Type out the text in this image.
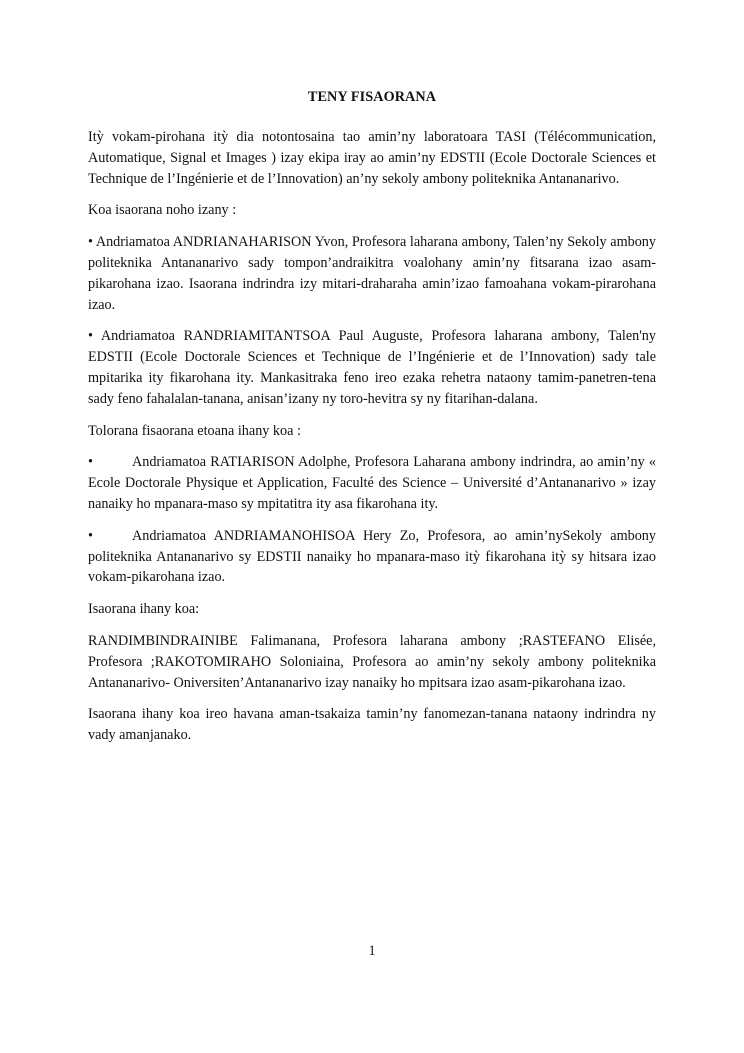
TENY FISAORANA

Itỳ vokam-pirohana itỳ dia notontosaina tao amin’ny laboratoara TASI (Télécommunication, Automatique, Signal et Images ) izay ekipa iray ao amin’ny EDSTII (Ecole Doctorale Sciences et Technique de l’Ingénierie et de l’Innovation) an’ny sekoly ambony politeknika Antananarivo.

Koa isaorana noho izany :

• Andriamatoa ANDRIANAHARISON Yvon, Profesora laharana ambony, Talen’ny Sekoly ambony politeknika Antananarivo sady tompon’andraikitra voalohany amin’ny fitsarana izao asam-pikarohana izao. Isaorana indrindra izy mitari-draharaha amin’izao famoahana vokam-pirarohana izao.

• Andriamatoa RANDRIAMITANTSOA Paul Auguste, Profesora laharana ambony, Talen'ny EDSTII (Ecole Doctorale Sciences et Technique de l’Ingénierie et de l’Innovation) sady tale mpitarika ity fikarohana ity. Mankasitraka feno ireo ezaka rehetra nataony tamim-panetren-tena sady feno fahalalan-tanana, anisan’izany ny toro-hevitra sy ny fitarihan-dalana.

Tolorana fisaorana etoana ihany koa :

•	Andriamatoa RATIARISON Adolphe, Profesora Laharana ambony indrindra, ao amin’ny « Ecole Doctorale Physique et Application, Faculté des Science – Université d’Antananarivo » izay nanaiky ho mpanara-maso sy mpitatitra ity asa fikarohana ity.

•	Andriamatoa ANDRIAMANOHISOA Hery Zo, Profesora, ao amin’nySekoly ambony politeknika Antananarivo sy EDSTII nanaiky ho mpanara-maso itỳ fikarohana itỳ sy hitsara izao vokam-pikarohana izao.

Isaorana ihany koa:

RANDIMBINDRAINIBE Falimanana, Profesora laharana ambony ;RASTEFANO Elisée, Profesora ;RAKOTOMIRAHO Soloniaina, Profesora ao amin’ny sekoly ambony politeknika Antananarivo- Oniversiten’Antananarivo izay nanaiky ho mpitsara izao asam-pikarohana izao.

Isaorana ihany koa ireo havana aman-tsakaiza tamin’ny fanomezan-tanana nataony indrindra ny vady amanjanako.

1
